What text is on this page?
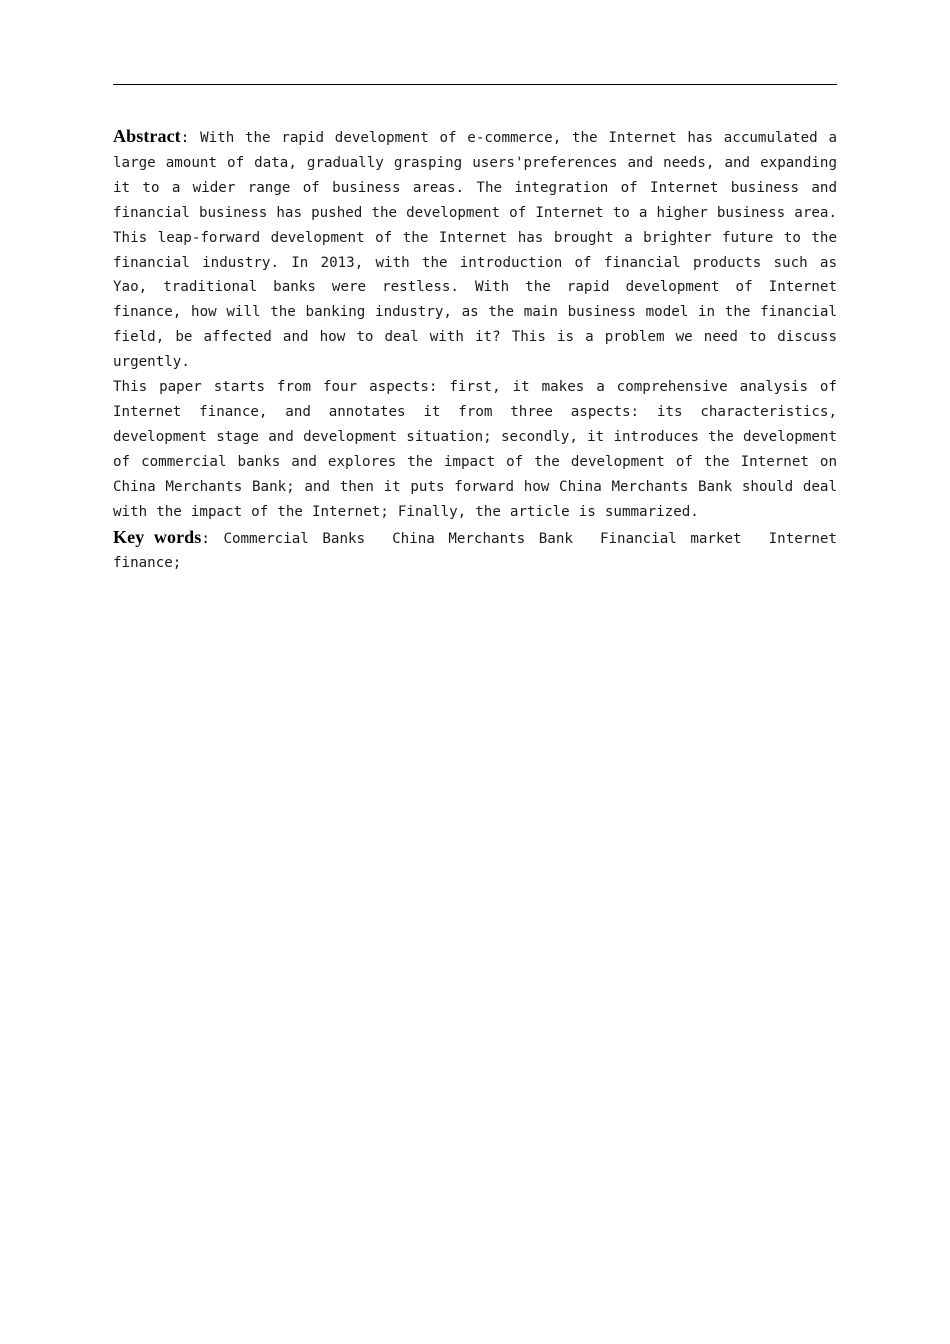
Abstract: With the rapid development of e-commerce, the Internet has accumulated a large amount of data, gradually grasping users'preferences and needs, and expanding it to a wider range of business areas. The integration of Internet business and financial business has pushed the development of Internet to a higher business area. This leap-forward development of the Internet has brought a brighter future to the financial industry. In 2013, with the introduction of financial products such as Yao, traditional banks were restless. With the rapid development of Internet finance, how will the banking industry, as the main business model in the financial field, be affected and how to deal with it? This is a problem we need to discuss urgently.

This paper starts from four aspects: first, it makes a comprehensive analysis of Internet finance, and annotates it from three aspects: its characteristics, development stage and development situation; secondly, it introduces the development of commercial banks and explores the impact of the development of the Internet on China Merchants Bank; and then it puts forward how China Merchants Bank should deal with the impact of the Internet; Finally, the article is summarized.

Key words: Commercial Banks  China Merchants Bank  Financial market  Internet finance;
